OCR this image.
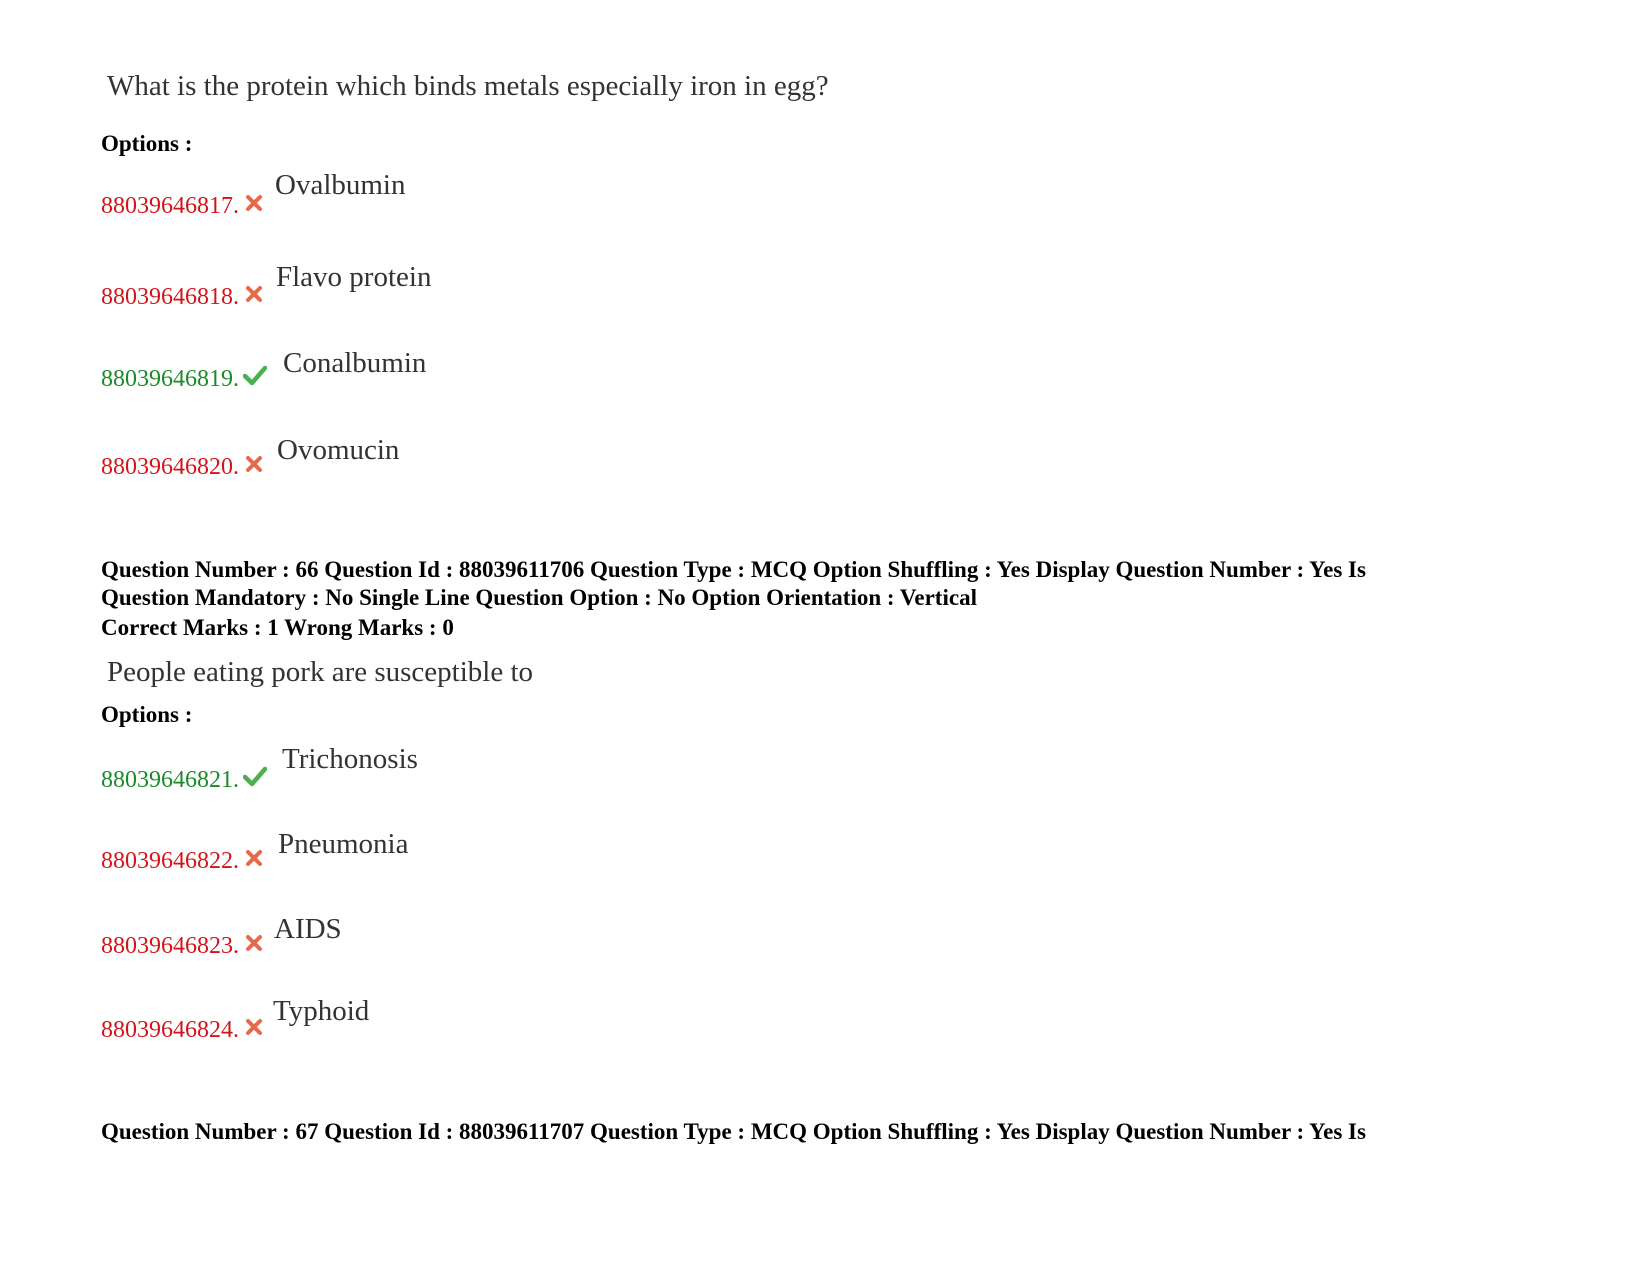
What is the protein which binds metals especially iron in egg?
Options :
88039646817.
Ovalbumin
88039646818.
Flavo protein
88039646819. Conalbumin
88039646820.
Ovomucin
Question Number : 66 Question Id : 88039611706 Question Type : MCQ Option Shuffling : Yes Display Question Number : Yes Is
Question Mandatory : No Single Line Question Option : No Option Orientation : Vertical
Correct Marks : 1 Wrong Marks : 0
People eating pork are susceptible to
Options :
88039646821.
Trichonosis
88039646822.
Pneumonia
88039646823.
AIDS
88039646824.
Typhoid
Question Number : 67 Question Id : 88039611707 Question Type : MCQ Option Shuffling : Yes Display Question Number : Yes Is
